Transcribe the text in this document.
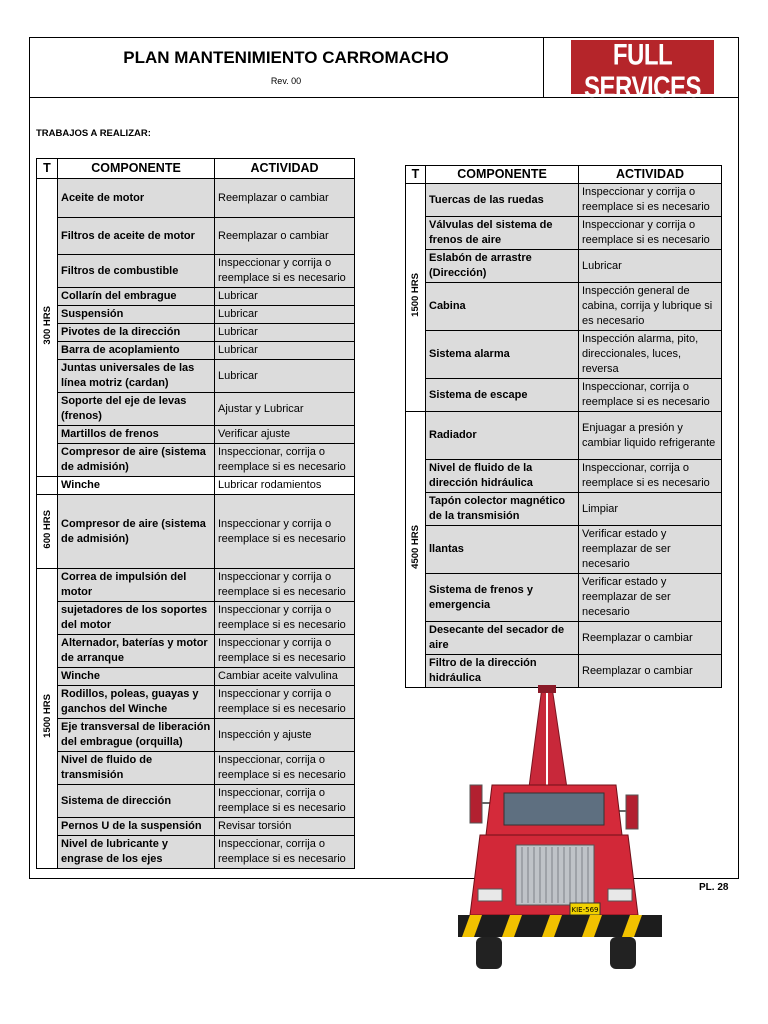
PLAN MANTENIMIENTO CARROMACHO
Rev. 00
FULL SERVICES
Petróleos - Ingeniería - Servicios
TRABAJOS A REALIZAR:
T	COMPONENTE	ACTIVIDAD
300 HRS	Aceite de motor	Reemplazar o cambiar
	Filtros de aceite de motor	Reemplazar o cambiar
	Filtros de combustible	Inspeccionar y corrija o reemplace si es necesario
	Collarín del embrague	Lubricar
	Suspensión	Lubricar
	Pivotes de la dirección	Lubricar
	Barra de acoplamiento	Lubricar
	Juntas universales de las línea motriz (cardan)	Lubricar
	Soporte del eje de levas (frenos)	Ajustar y Lubricar
	Martillos de frenos	Verificar ajuste
	Compresor de aire (sistema de admisión)	Inspeccionar, corrija o reemplace si es necesario
	Winche	Lubricar rodamientos
600 HRS	Compresor de aire (sistema de admisión)	Inspeccionar y corrija o reemplace si es necesario
1500 HRS	Correa de impulsión del motor	Inspeccionar y corrija o reemplace si es necesario
	sujetadores de los soportes del motor	Inspeccionar y corrija o reemplace si es necesario
	Alternador, baterías y motor de arranque	Inspeccionar y corrija o reemplace si es necesario
	Winche	Cambiar aceite valvulina
	Rodillos, poleas, guayas y ganchos del Winche	Inspeccionar y corrija o reemplace si es necesario
	Eje transversal de liberación del embrague (orquilla)	Inspección y ajuste
	Nivel de fluido de transmisión	Inspeccionar, corrija o reemplace si es necesario
	Sistema de dirección	Inspeccionar, corrija o reemplace si es necesario
	Pernos U de la suspensión	Revisar torsión
	Nivel de lubricante y engrase de los ejes	Inspeccionar, corrija o reemplace si es necesario
T	COMPONENTE	ACTIVIDAD
1500 HRS	Tuercas de las ruedas	Inspeccionar y corrija o reemplace si es necesario
	Válvulas del sistema de frenos de aire	Inspeccionar y corrija o reemplace si es necesario
	Eslabón de arrastre (Dirección)	Lubricar
	Cabina	Inspección general de cabina, corrija y lubrique si es necesario
	Sistema alarma	Inspección alarma, pito, direccionales, luces, reversa
	Sistema de escape	Inspeccionar, corrija o reemplace si es necesario
4500 HRS	Radiador	Enjuagar a presión y cambiar liquido refrigerante
	Nivel de fluido de la dirección hidráulica	Inspeccionar, corrija o reemplace si es necesario
	Tapón colector magnético de la transmisión	Limpiar
	llantas	Verificar estado y reemplazar de ser necesario
	Sistema de frenos y emergencia	Verificar estado y reemplazar de ser necesario
	Desecante del secador de aire	Reemplazar o cambiar
	Filtro de la dirección hidráulica	Reemplazar o cambiar
PL. 28
KIE-569
